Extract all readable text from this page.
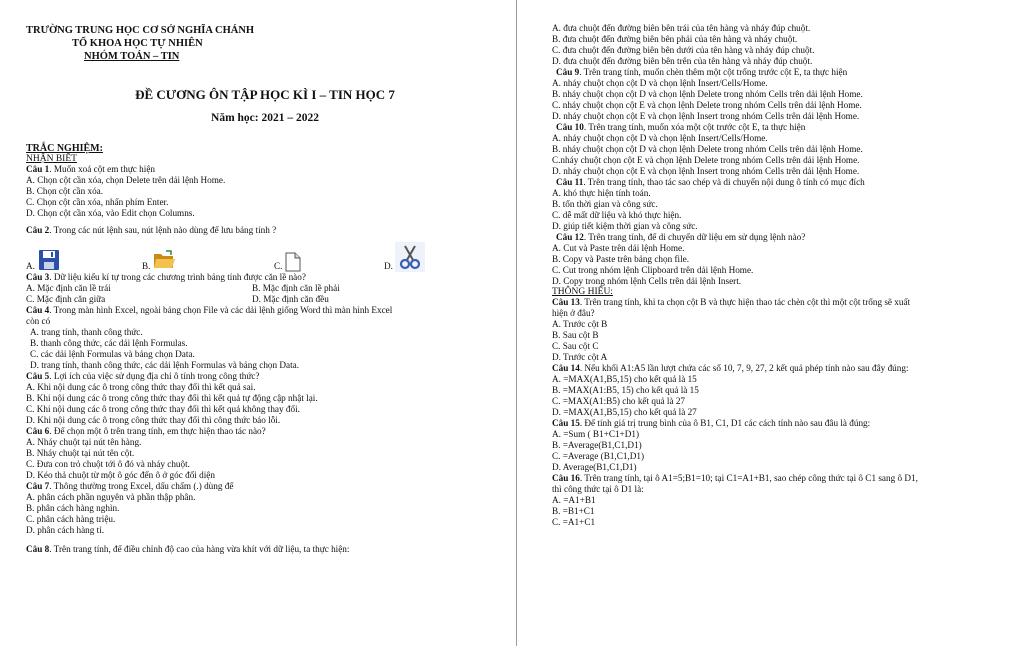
TRƯỜNG TRUNG HỌC CƠ SỞ NGHĨA CHÁNH
TỔ KHOA HỌC TỰ NHIÊN
NHÓM TOÁN – TIN
ĐỀ CƯƠNG ÔN TẬP HỌC KÌ I – TIN HỌC 7
Năm học: 2021 – 2022
TRẮC NGHIỆM:
NHẬN BIẾT
Câu 1. Muốn xoá cột em thực hiện
A. Chọn cột cần xóa, chọn Delete trên dải lệnh Home.
B. Chọn cột cần xóa.
C. Chọn cột cần xóa, nhấn phím Enter.
D. Chọn cột cần xóa, vào Edit chọn Columns.
Câu 2. Trong các nút lệnh sau, nút lệnh nào dùng để lưu bảng tính ?
A.	B.	C.	D.
Câu 3. Dữ liệu kiểu kí tự trong các chương trình bảng tính được căn lề nào?
A. Mặc định căn lề trái	B. Mặc định căn lề phải
C. Mặc định căn giữa	D. Mặc định căn đều
Câu 4. Trong màn hình Excel, ngoài bảng chọn File và các dải lệnh giống Word thì màn hình Excel
còn có
A. trang tính, thanh công thức.
B. thanh công thức, các dải lệnh Formulas.
C. các dải lệnh Formulas và bảng chọn Data.
D. trang tính, thanh công thức, các dải lệnh Formulas và bảng chọn Data.
Câu 5. Lợi ích của việc sử dụng địa chỉ ô tính trong công thức?
A. Khi nội dung các ô trong công thức thay đổi thì kết quả sai.
B. Khi nội dung các ô trong công thức thay đổi thì kết quả tự động cập nhật lại.
C. Khi nội dung các ô trong công thức thay đổi thì kết quả không thay đổi.
D. Khi nội dung các ô trong công thức thay đổi thì công thức báo lỗi.
Câu 6. Để chọn một ô trên trang tính, em thực hiện thao tác nào?
A. Nháy chuột tại nút tên hàng.
B. Nháy chuột tại nút tên cột.
C. Đưa con trỏ chuột tới ô đó và nháy chuột.
D. Kéo thả chuột từ một ô góc đến ô ở góc đối diện
Câu 7. Thông thường trong Excel, dấu chấm (.) dùng để
A. phân cách phần nguyên và phần thập phân.
B. phân cách hàng nghìn.
C. phân cách hàng triệu.
D. phân cách hàng tỉ.
Câu 8. Trên trang tính, để điều chỉnh độ cao của hàng vừa khít với dữ liệu, ta thực hiện:
A. đưa chuột đến đường biên bên trái của tên hàng và nháy đúp chuột.
B. đưa chuột đến đường biên bên phải của tên hàng và nháy chuột.
C. đưa chuột đến đường biên bên dưới của tên hàng và nháy đúp chuột.
D. đưa chuột đến đường biên bên trên của tên hàng và nháy đúp chuột.
Câu 9. Trên trang tính, muốn chèn thêm một cột trống trước cột E, ta thực hiện
A. nháy chuột chọn cột D và chọn lệnh Insert/Cells/Home.
B. nháy chuột chọn cột D và chọn lệnh Delete trong nhóm Cells trên dải lệnh Home.
C. nháy chuột chọn cột E và chọn lệnh Delete trong nhóm Cells trên dải lệnh Home.
D. nháy chuột chọn cột E và chọn lệnh Insert trong nhóm Cells trên dải lệnh Home.
Câu 10. Trên trang tính, muốn xóa một cột trước cột E, ta thực hiện
A. nháy chuột chọn cột D và chọn lệnh Insert/Cells/Home.
B. nháy chuột chọn cột D và chọn lệnh Delete trong nhóm Cells trên dải lệnh Home.
C.nháy chuột chọn cột E và chọn lệnh Delete trong nhóm Cells trên dải lệnh Home.
D. nháy chuột chọn cột E và chọn lệnh Insert trong nhóm Cells trên dải lệnh Home.
Câu 11. Trên trang tính, thao tác sao chép và di chuyển nội dung ô tính có mục đích
A. khó thực hiện tính toán.
B. tốn thời gian và công sức.
C. dễ mất dữ liệu và khó thực hiện.
D. giúp tiết kiệm thời gian và công sức.
Câu 12. Trên trang tính, để di chuyển dữ liệu em sử dụng lệnh nào?
A. Cut và Paste trên dải lệnh Home.
B. Copy và Paste trên bảng chọn file.
C. Cut trong nhóm lệnh Clipboard trên dải lệnh Home.
D. Copy trong nhóm lệnh Cells trên dải lệnh Insert.
THÔNG HIỂU:
Câu 13. Trên trang tính, khi ta chọn cột B và thực hiện thao tác chèn cột thì một cột trống sẽ xuất
hiện ở đâu?
A. Trước cột B
B. Sau cột B
C. Sau cột C
D. Trước cột A
Câu 14. Nếu khối A1:A5 lần lượt chứa các số 10, 7, 9, 27, 2 kết quả phép tính nào sau đây đúng:
A. =MAX(A1,B5,15) cho kết quả là 15
B. =MAX(A1:B5, 15) cho kết quả là 15
C. =MAX(A1:B5) cho kết quả là 27
D. =MAX(A1,B5,15) cho kết quả là 27
Câu 15. Để tính giá trị trung bình của ô B1, C1, D1 các cách tính nào sau đâu là đúng:
A. =Sum ( B1+C1+D1)
B. =Average(B1,C1,D1)
C. =Average (B1,C1,D1)
D. Average(B1,C1,D1)
Câu 16. Trên trang tính, tại ô A1=5;B1=10; tại C1=A1+B1, sao chép công thức tại ô C1 sang ô D1,
thì công thức tại ô D1 là:
A. =A1+B1
B. =B1+C1
C. =A1+C1
